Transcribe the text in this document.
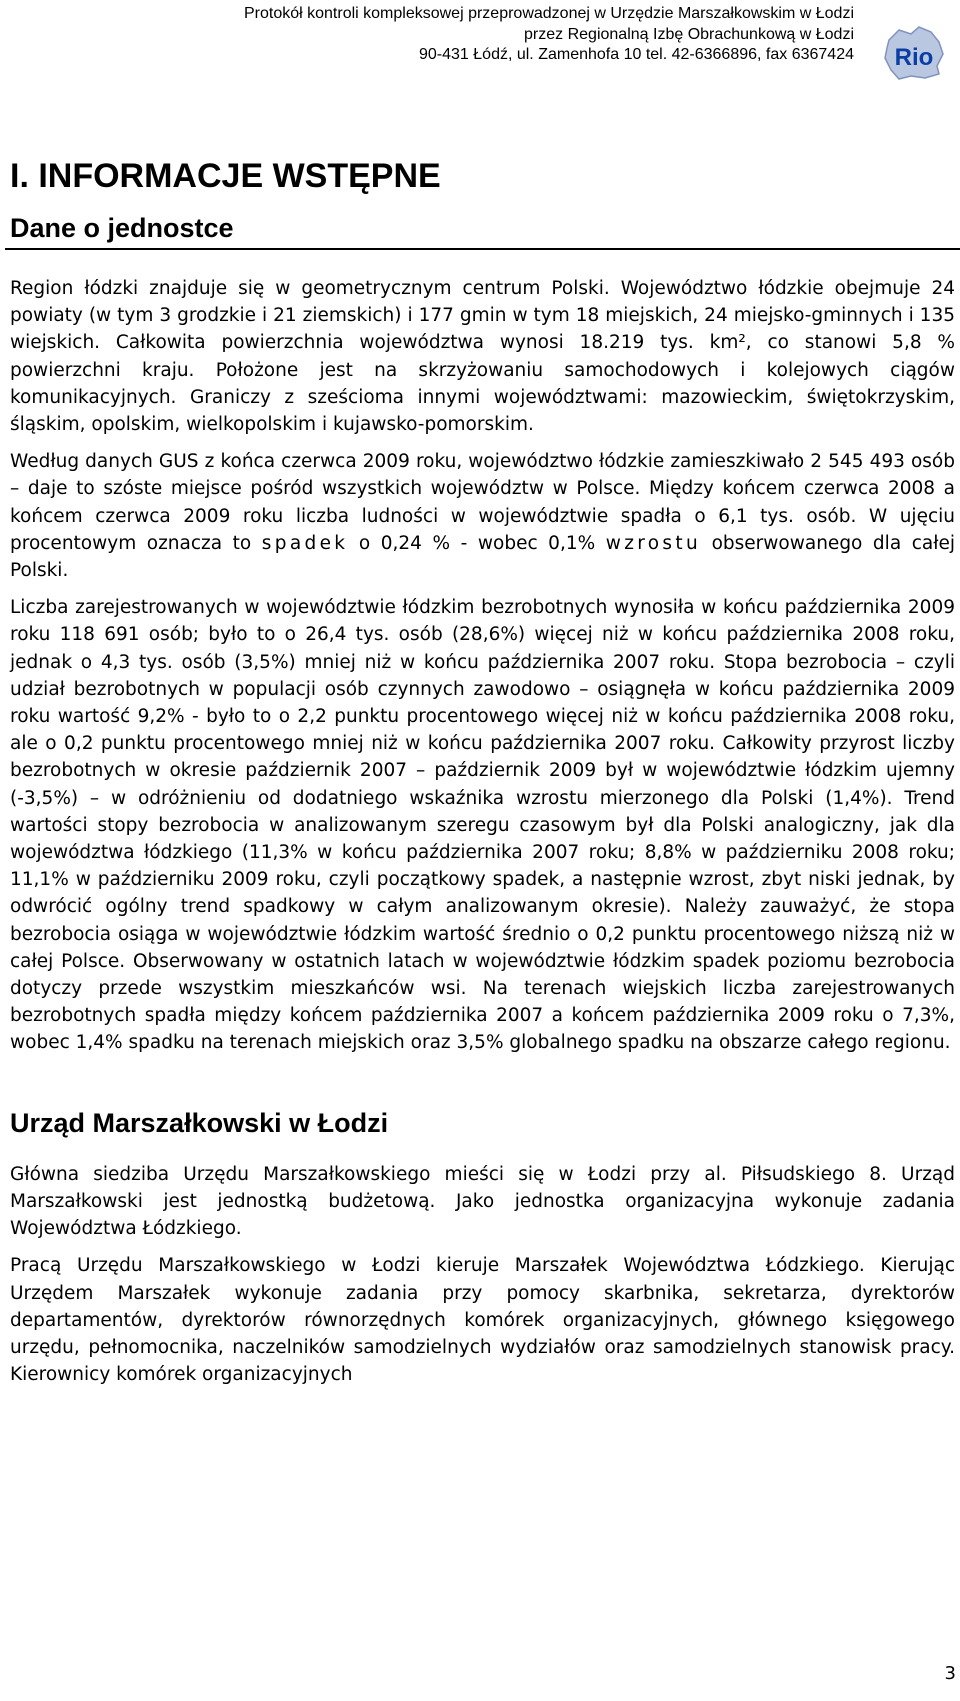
Protokół kontroli kompleksowej przeprowadzonej w Urzędzie Marszałkowskim w Łodzi
przez Regionalną Izbę Obrachunkową w Łodzi
90-431 Łódź, ul. Zamenhofa 10 tel. 42-6366896, fax 6367424 Rio
I. INFORMACJE WSTĘPNE
Dane o jednostce

Region łódzki znajduje się w geometrycznym centrum Polski. Województwo łódzkie obejmuje 24 powiaty (w tym 3 grodzkie i 21 ziemskich) i 177 gmin w tym 18 miejskich, 24 miejsko-gminnych i 135 wiejskich. Całkowita powierzchnia województwa wynosi 18.219 tys. km², co stanowi 5,8 % powierzchni kraju. Położone jest na skrzyżowaniu samochodowych i kolejowych ciągów komunikacyjnych. Graniczy z sześcioma innymi województwami: mazowieckim, świętokrzyskim, śląskim, opolskim, wielkopolskim i kujawsko-pomorskim.

Według danych GUS z końca czerwca 2009 roku, województwo łódzkie zamieszkiwało 2 545 493 osób – daje to szóste miejsce pośród wszystkich województw w Polsce. Między końcem czerwca 2008 a końcem czerwca 2009 roku liczba ludności w województwie spadła o 6,1 tys. osób. W ujęciu procentowym oznacza to spadek o 0,24 % - wobec 0,1% wzrostu obserwowanego dla całej Polski.

Liczba zarejestrowanych w województwie łódzkim bezrobotnych wynosiła w końcu października 2009 roku 118 691 osób; było to o 26,4 tys. osób (28,6%) więcej niż w końcu października 2008 roku, jednak o 4,3 tys. osób (3,5%) mniej niż w końcu października 2007 roku. Stopa bezrobocia – czyli udział bezrobotnych w populacji osób czynnych zawodowo – osiągnęła w końcu października 2009 roku wartość 9,2% - było to o 2,2 punktu procentowego więcej niż w końcu października 2008 roku, ale o 0,2 punktu procentowego mniej niż w końcu października 2007 roku. Całkowity przyrost liczby bezrobotnych w okresie październik 2007 – październik 2009 był w województwie łódzkim ujemny (-3,5%) – w odróżnieniu od dodatniego wskaźnika wzrostu mierzonego dla Polski (1,4%). Trend wartości stopy bezrobocia w analizowanym szeregu czasowym był dla Polski analogiczny, jak dla województwa łódzkiego (11,3% w końcu października 2007 roku; 8,8% w październiku 2008 roku; 11,1% w październiku 2009 roku, czyli początkowy spadek, a następnie wzrost, zbyt niski jednak, by odwrócić ogólny trend spadkowy w całym analizowanym okresie). Należy zauważyć, że stopa bezrobocia osiąga w województwie łódzkim wartość średnio o 0,2 punktu procentowego niższą niż w całej Polsce. Obserwowany w ostatnich latach w województwie łódzkim spadek poziomu bezrobocia dotyczy przede wszystkim mieszkańców wsi. Na terenach wiejskich liczba zarejestrowanych bezrobotnych spadła między końcem października 2007 a końcem października 2009 roku o 7,3%, wobec 1,4% spadku na terenach miejskich oraz 3,5% globalnego spadku na obszarze całego regionu.

Urząd Marszałkowski w Łodzi

Główna siedziba Urzędu Marszałkowskiego mieści się w Łodzi przy al. Piłsudskiego 8. Urząd Marszałkowski jest jednostką budżetową. Jako jednostka organizacyjna wykonuje zadania Województwa Łódzkiego.

Pracą Urzędu Marszałkowskiego w Łodzi kieruje Marszałek Województwa Łódzkiego. Kierując Urzędem Marszałek wykonuje zadania przy pomocy skarbnika, sekretarza, dyrektorów departamentów, dyrektorów równorzędnych komórek organizacyjnych, głównego księgowego urzędu, pełnomocnika, naczelników samodzielnych wydziałów oraz samodzielnych stanowisk pracy. Kierownicy komórek organizacyjnych

3
